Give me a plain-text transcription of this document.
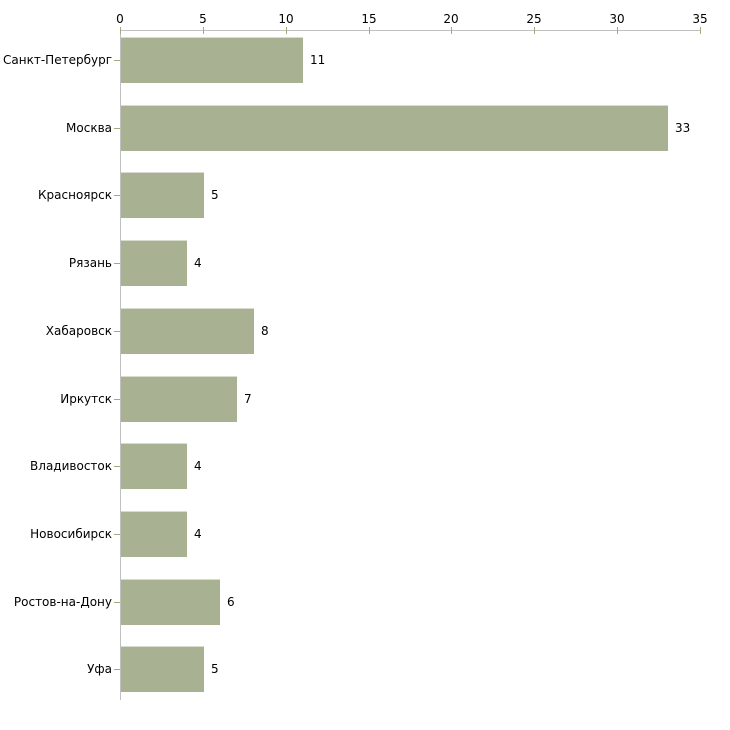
0	5	10	15	20	25	30	35
Санкт-Петербург	11
Москва	33
Красноярск	5
Рязань	4
Хабаровск	8
Иркутск	7
Владивосток	4
Новосибирск	4
Ростов-на-Дону	6
Уфа	5
